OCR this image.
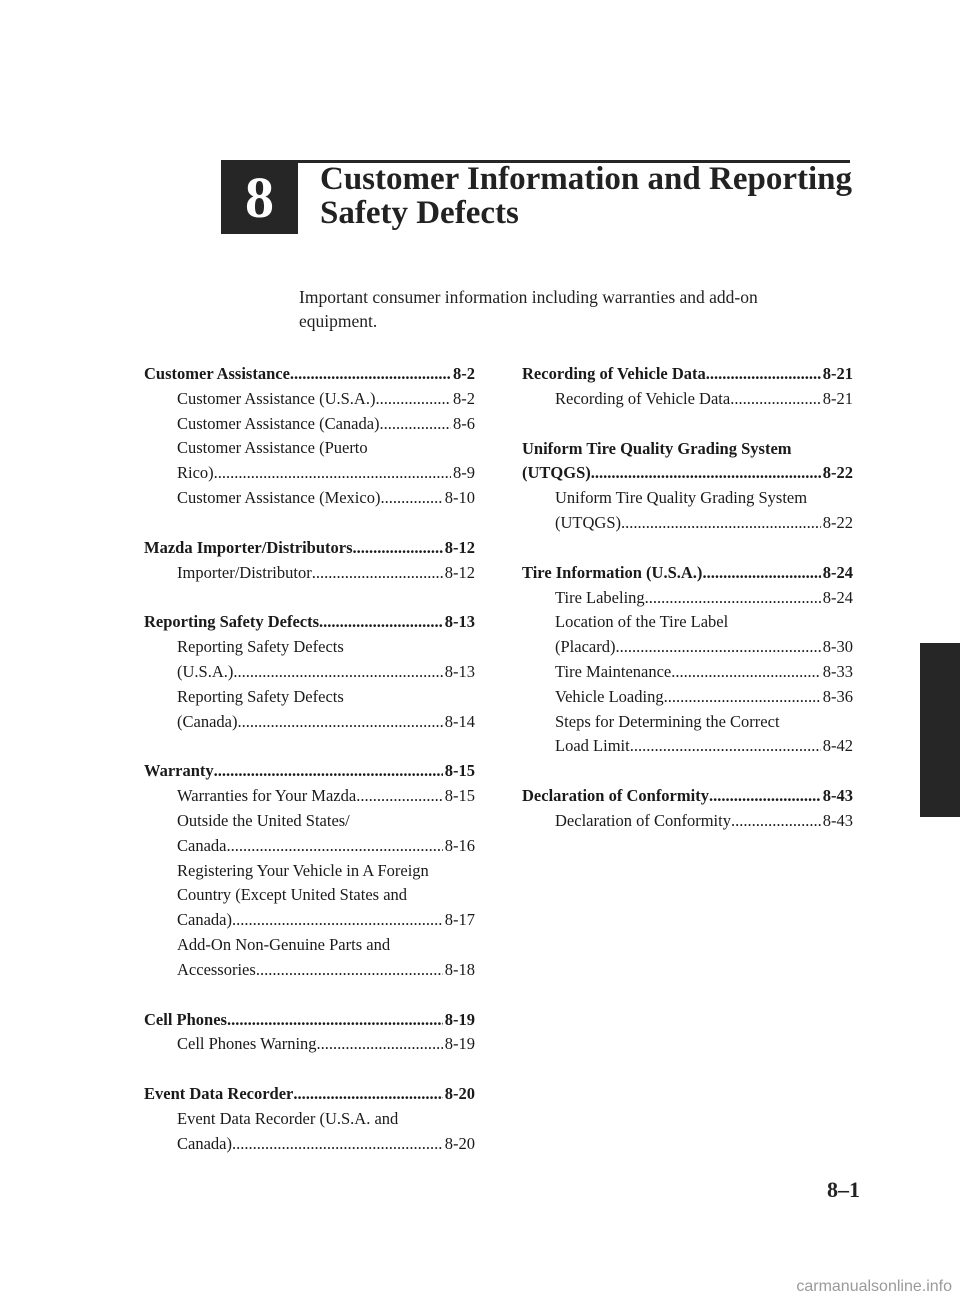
8	Customer Information and Reporting
Safety Defects
Important consumer information including warranties and add-on
equipment.
Customer Assistance .....	8-2
Customer Assistance (U.S.A.) .....	8-2
Customer Assistance (Canada) .....	8-6
Customer Assistance (Puerto
Rico) .....	8-9
Customer Assistance (Mexico) .....	8-10
Mazda Importer/Distributors .....	8-12
Importer/Distributor .....	8-12
Reporting Safety Defects .....	8-13
Reporting Safety Defects
(U.S.A.) .....	8-13
Reporting Safety Defects
(Canada) .....	8-14
Warranty .....	8-15
Warranties for Your Mazda .....	8-15
Outside the United States/
Canada .....	8-16
Registering Your Vehicle in A Foreign
Country (Except United States and
Canada) .....	8-17
Add-On Non-Genuine Parts and
Accessories .....	8-18
Cell Phones .....	8-19
Cell Phones Warning .....	8-19
Event Data Recorder .....	8-20
Event Data Recorder (U.S.A. and
Canada) .....	8-20
Recording of Vehicle Data .....	8-21
Recording of Vehicle Data .....	8-21
Uniform Tire Quality Grading System
(UTQGS) .....	8-22
Uniform Tire Quality Grading System
(UTQGS) .....	8-22
Tire Information (U.S.A.) .....	8-24
Tire Labeling .....	8-24
Location of the Tire Label
(Placard) .....	8-30
Tire Maintenance .....	8-33
Vehicle Loading .....	8-36
Steps for Determining the Correct
Load Limit .....	8-42
Declaration of Conformity .....	8-43
Declaration of Conformity .....	8-43
8–1
carmanualsonline.info
